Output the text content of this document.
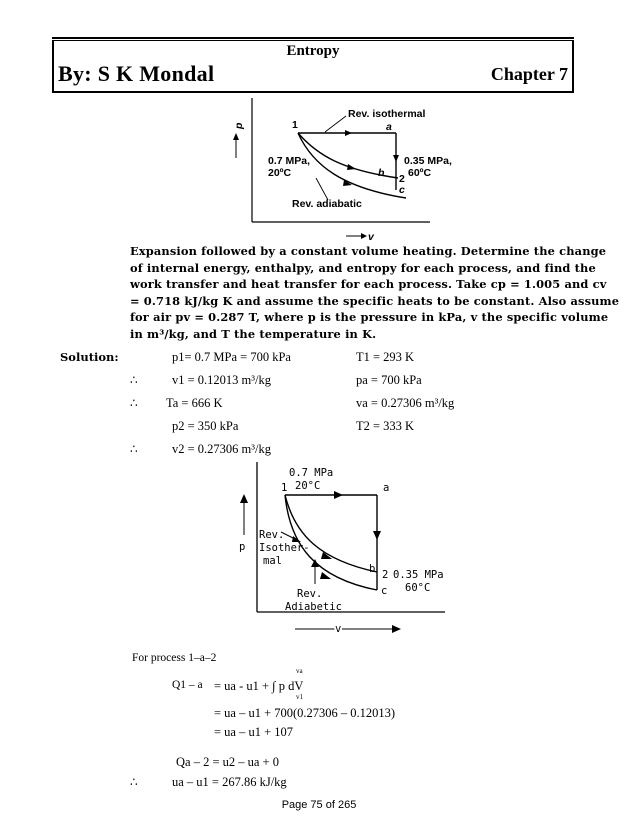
Entropy
By: S K Mondal	Chapter 7
p
v
1	a
b 2
c
Rev. isothermal
Rev. adiabatic
0.7 MPa,
20ºC
0.35 MPa,
60ºC
Expansion followed by a constant volume heating. Determine the change
of internal energy, enthalpy, and entropy for each process, and find the
work transfer and heat transfer for each process. Take cp = 1.005 and cv
= 0.718 kJ/kg K and assume the specific heats to be constant. Also assume
for air pv = 0.287 T, where p is the pressure in kPa, v the specific volume
in m³/kg, and T the temperature in K.
Solution:	p1= 0.7 MPa = 700 kPa	T1 = 293 K
∴	v1 = 0.12013 m³/kg	pa = 700 kPa
∴ Ta = 666 K	va = 0.27306 m³/kg
p2 = 350 kPa	T2 = 333 K
∴	v2 = 0.27306 m³/kg
p
v
0.7 MPa
20°C
1	a
b 2
c
Rev.
Isother-
mal
Rev.
Adiabetic
0.35 MPa
60°C
For process 1–a–2
va
Q1 – a = ua - u1 + ∫ p dV
v1
= ua – u1 + 700(0.27306 – 0.12013)
= ua – u1 + 107
Qa – 2 = u2 – ua + 0
∴	ua – u1 = 267.86 kJ/kg
Page 75 of 265
